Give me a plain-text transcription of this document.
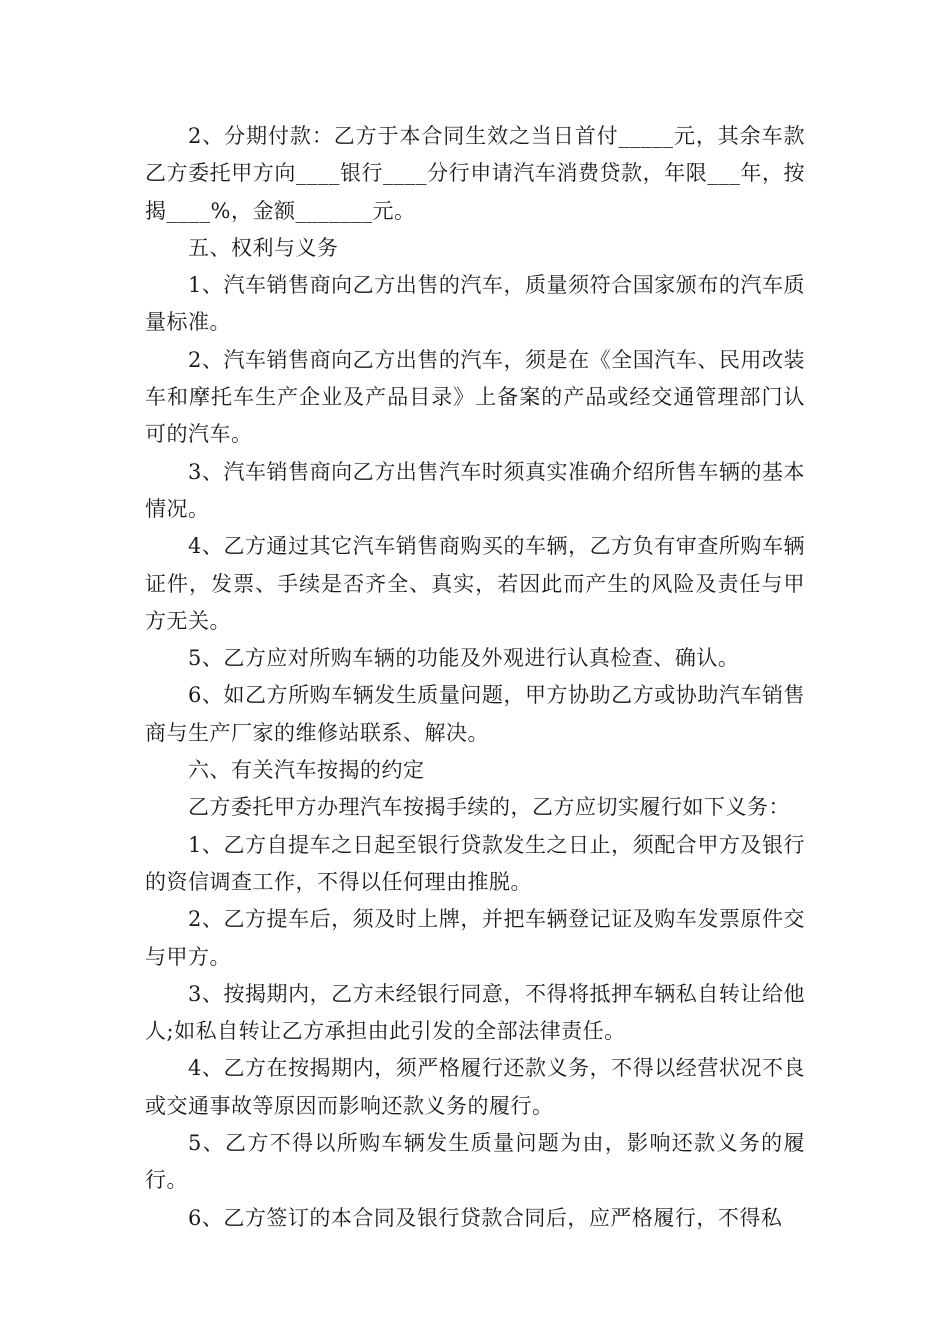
2、分期付款：乙方于本合同生效之当日首付_____元，其余车款乙方委托甲方向____银行____分行申请汽车消费贷款，年限___年，按揭____%，金额_______元。

五、权利与义务

1、汽车销售商向乙方出售的汽车，质量须符合国家颁布的汽车质量标准。

2、汽车销售商向乙方出售的汽车，须是在《全国汽车、民用改装车和摩托车生产企业及产品目录》上备案的产品或经交通管理部门认可的汽车。

3、汽车销售商向乙方出售汽车时须真实准确介绍所售车辆的基本情况。

4、乙方通过其它汽车销售商购买的车辆，乙方负有审查所购车辆证件，发票、手续是否齐全、真实，若因此而产生的风险及责任与甲方无关。

5、乙方应对所购车辆的功能及外观进行认真检查、确认。

6、如乙方所购车辆发生质量问题，甲方协助乙方或协助汽车销售商与生产厂家的维修站联系、解决。

六、有关汽车按揭的约定

乙方委托甲方办理汽车按揭手续的，乙方应切实履行如下义务：

1、乙方自提车之日起至银行贷款发生之日止，须配合甲方及银行的资信调查工作，不得以任何理由推脱。

2、乙方提车后，须及时上牌，并把车辆登记证及购车发票原件交与甲方。

3、按揭期内，乙方未经银行同意，不得将抵押车辆私自转让给他人;如私自转让乙方承担由此引发的全部法律责任。

4、乙方在按揭期内，须严格履行还款义务，不得以经营状况不良或交通事故等原因而影响还款义务的履行。

5、乙方不得以所购车辆发生质量问题为由，影响还款义务的履行。

6、乙方签订的本合同及银行贷款合同后，应严格履行，不得私
